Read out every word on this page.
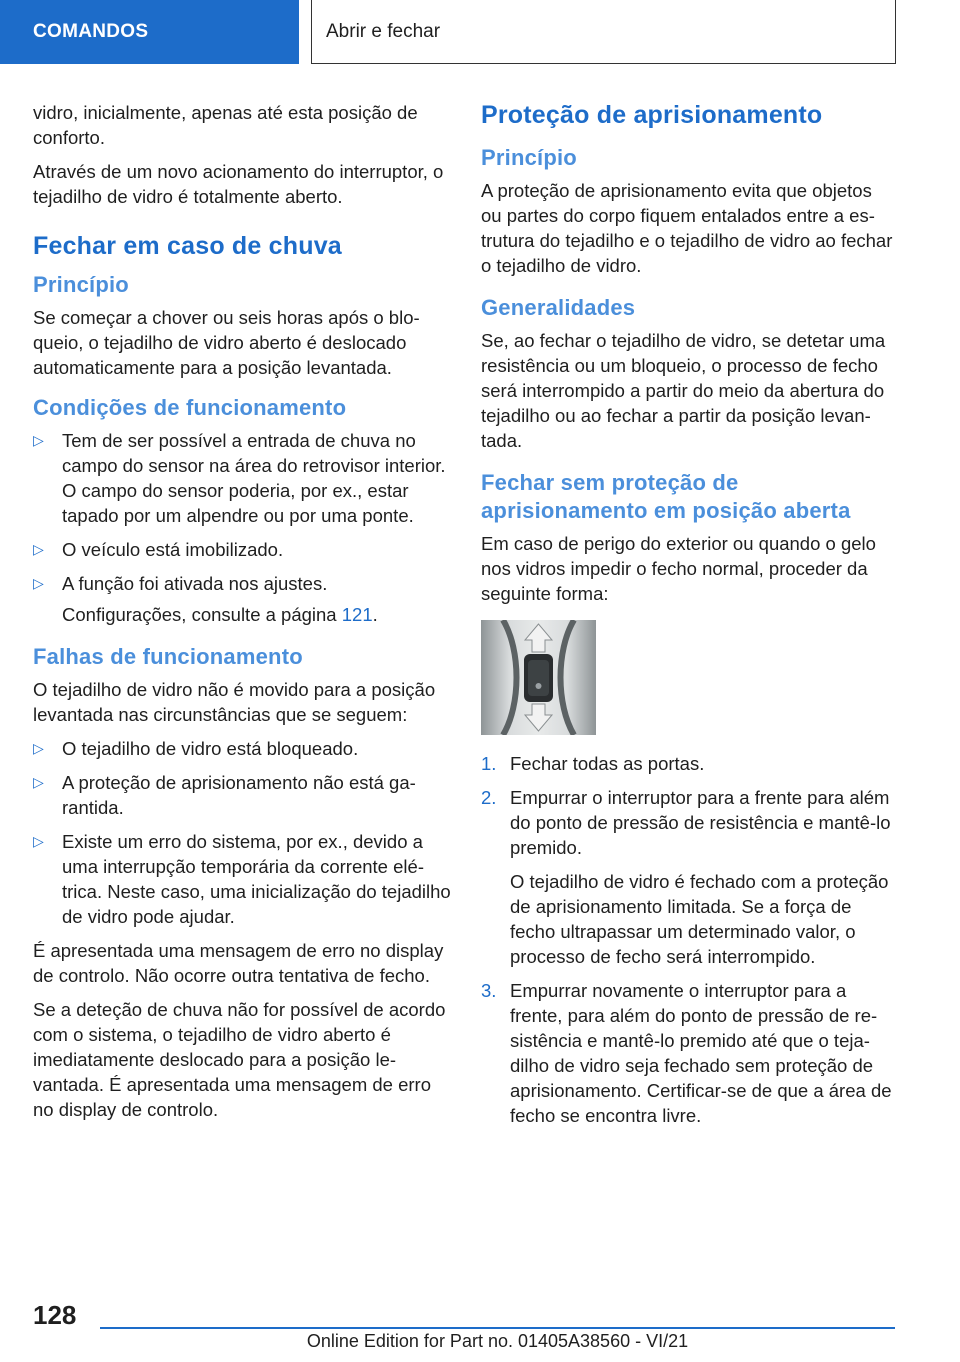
COMANDOS	Abrir e fechar

vidro, inicialmente, apenas até esta posição de conforto.

Através de um novo acionamento do interruptor, o tejadilho de vidro é totalmente aberto.

Fechar em caso de chuva
Princípio

Se começar a chover ou seis horas após o bloqueio, o tejadilho de vidro aberto é deslocado automaticamente para a posição levantada.

Condições de funcionamento
▷ Tem de ser possível a entrada de chuva no campo do sensor na área do retrovisor interior. O campo do sensor poderia, por ex., estar tapado por um alpendre ou por uma ponte.
▷ O veículo está imobilizado.
▷ A função foi ativada nos ajustes.
Configurações, consulte a página 121.
Falhas de funcionamento

O tejadilho de vidro não é movido para a posição levantada nas circunstâncias que se seguem:

▷ O tejadilho de vidro está bloqueado.
▷ A proteção de aprisionamento não está garantida.
▷ Existe um erro do sistema, por ex., devido a uma interrupção temporária da corrente elétrica. Neste caso, uma inicialização do tejadilho de vidro pode ajudar.

É apresentada uma mensagem de erro no display de controlo. Não ocorre outra tentativa de fecho.

Se a deteção de chuva não for possível de acordo com o sistema, o tejadilho de vidro aberto é imediatamente deslocado para a posição levantada. É apresentada uma mensagem de erro no display de controlo.

Proteção de aprisionamento
Princípio

A proteção de aprisionamento evita que objetos ou partes do corpo fiquem entalados entre a estrutura do tejadilho e o tejadilho de vidro ao fechar o tejadilho de vidro.

Generalidades

Se, ao fechar o tejadilho de vidro, se detetar uma resistência ou um bloqueio, o processo de fecho será interrompido a partir do meio da abertura do tejadilho ou ao fechar a partir da posição levantada.

Fechar sem proteção de aprisionamento em posição aberta

Em caso de perigo do exterior ou quando o gelo nos vidros impedir o fecho normal, proceder da seguinte forma:

1. Fechar todas as portas.
2. Empurrar o interruptor para a frente para além do ponto de pressão de resistência e mantê-lo premido.
O tejadilho de vidro é fechado com a proteção de aprisionamento limitada. Se a força de fecho ultrapassar um determinado valor, o processo de fecho será interrompido.
3. Empurrar novamente o interruptor para a frente, para além do ponto de pressão de resistência e mantê-lo premido até que o tejadilho de vidro seja fechado sem proteção de aprisionamento. Certificar-se de que a área de fecho se encontra livre.
128
Online Edition for Part no. 01405A38560 - VI/21
